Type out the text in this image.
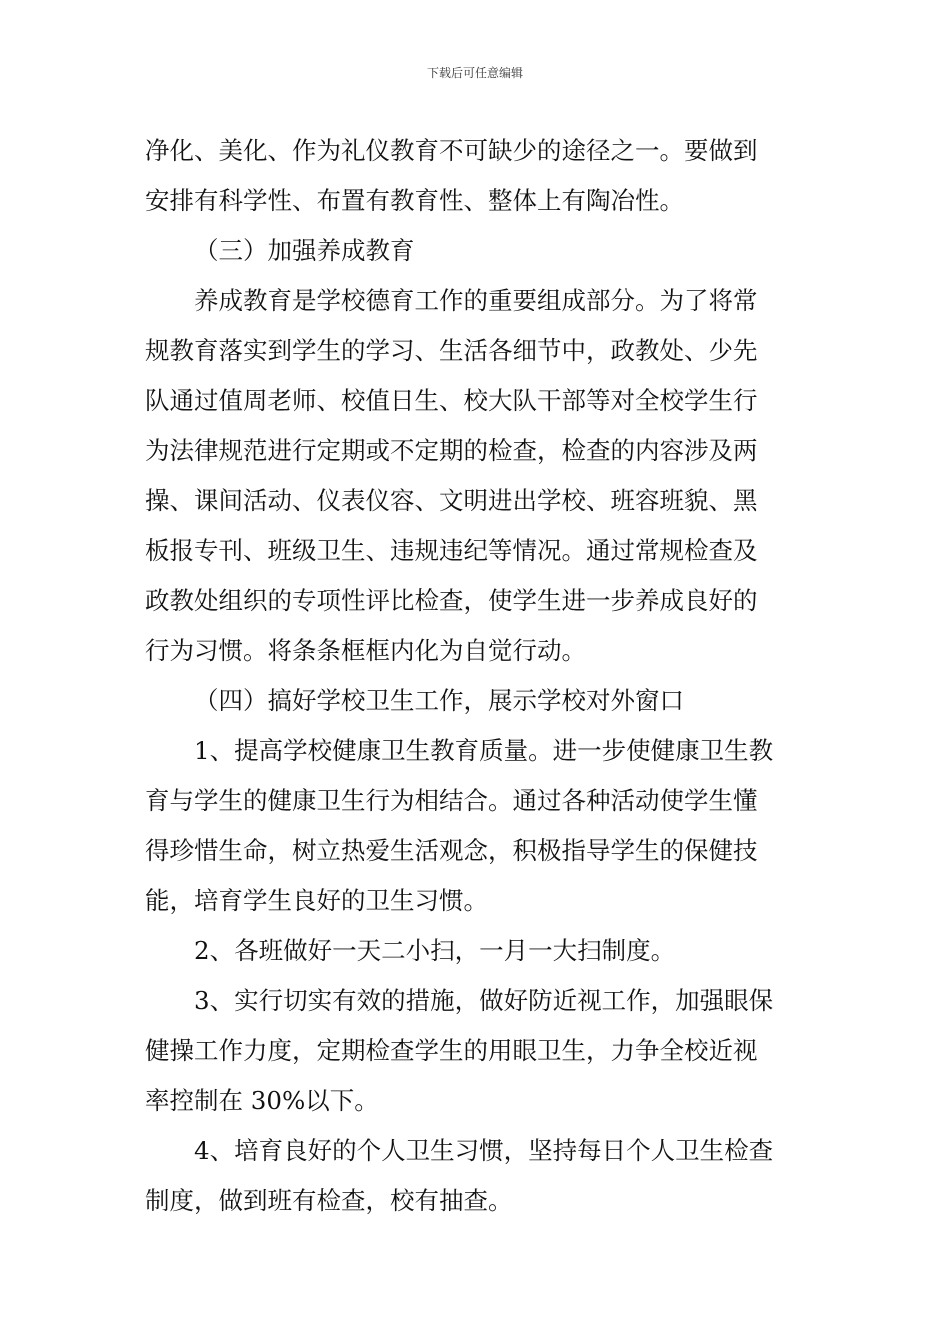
下载后可任意编辑
净化、美化、作为礼仪教育不可缺少的途径之一。要做到
安排有科学性、布置有教育性、整体上有陶冶性。
（三）加强养成教育
养成教育是学校德育工作的重要组成部分。为了将常
规教育落实到学生的学习、生活各细节中，政教处、少先
队通过值周老师、校值日生、校大队干部等对全校学生行
为法律规范进行定期或不定期的检查，检查的内容涉及两
操、课间活动、仪表仪容、文明进出学校、班容班貌、黑
板报专刊、班级卫生、违规违纪等情况。通过常规检查及
政教处组织的专项性评比检查，使学生进一步养成良好的
行为习惯。将条条框框内化为自觉行动。
（四）搞好学校卫生工作，展示学校对外窗口
1、提高学校健康卫生教育质量。进一步使健康卫生教
育与学生的健康卫生行为相结合。通过各种活动使学生懂
得珍惜生命，树立热爱生活观念，积极指导学生的保健技
能，培育学生良好的卫生习惯。
2、各班做好一天二小扫，一月一大扫制度。
3、实行切实有效的措施，做好防近视工作，加强眼保
健操工作力度，定期检查学生的用眼卫生，力争全校近视
率控制在 30%以下。
4、培育良好的个人卫生习惯，坚持每日个人卫生检查
制度，做到班有检查，校有抽查。
